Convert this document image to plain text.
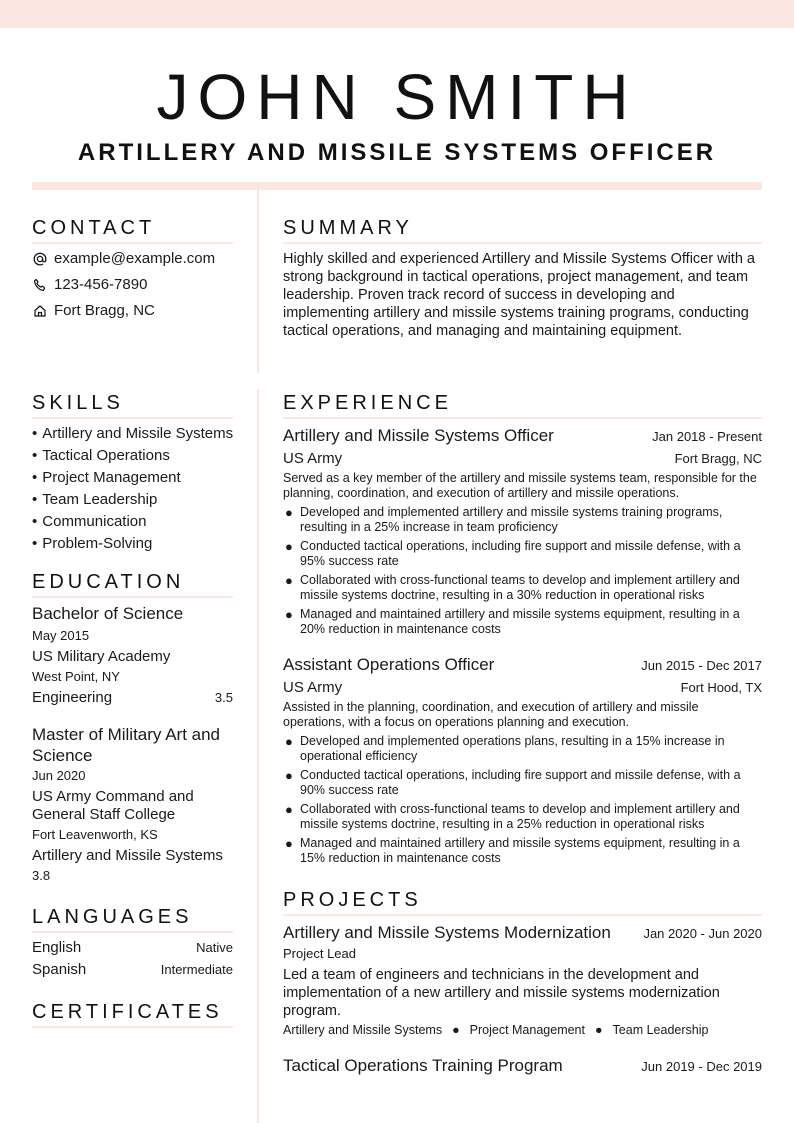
JOHN SMITH
ARTILLERY AND MISSILE SYSTEMS OFFICER
CONTACT
example@example.com
123-456-7890
Fort Bragg, NC
SKILLS
• Artillery and Missile Systems
• Tactical Operations
• Project Management
• Team Leadership
• Communication
• Problem-Solving
EDUCATION
Bachelor of Science
May 2015
US Military Academy
West Point, NY
Engineering	3.5
Master of Military Art and Science
Jun 2020
US Army Command and General Staff College
Fort Leavenworth, KS
Artillery and Missile Systems
3.8
LANGUAGES
English	Native
Spanish	Intermediate
CERTIFICATES
SUMMARY
Highly skilled and experienced Artillery and Missile Systems Officer with a strong background in tactical operations, project management, and team leadership. Proven track record of success in developing and implementing artillery and missile systems training programs, conducting tactical operations, and managing and maintaining equipment.
EXPERIENCE
Artillery and Missile Systems Officer	Jan 2018 - Present
US Army	Fort Bragg, NC
Served as a key member of the artillery and missile systems team, responsible for the planning, coordination, and execution of artillery and missile operations.
● Developed and implemented artillery and missile systems training programs, resulting in a 25% increase in team proficiency
● Conducted tactical operations, including fire support and missile defense, with a 95% success rate
● Collaborated with cross-functional teams to develop and implement artillery and missile systems doctrine, resulting in a 30% reduction in operational risks
● Managed and maintained artillery and missile systems equipment, resulting in a 20% reduction in maintenance costs
Assistant Operations Officer	Jun 2015 - Dec 2017
US Army	Fort Hood, TX
Assisted in the planning, coordination, and execution of artillery and missile operations, with a focus on operations planning and execution.
● Developed and implemented operations plans, resulting in a 15% increase in operational efficiency
● Conducted tactical operations, including fire support and missile defense, with a 90% success rate
● Collaborated with cross-functional teams to develop and implement artillery and missile systems doctrine, resulting in a 25% reduction in operational risks
● Managed and maintained artillery and missile systems equipment, resulting in a 15% reduction in maintenance costs
PROJECTS
Artillery and Missile Systems Modernization	Jan 2020 - Jun 2020
Project Lead
Led a team of engineers and technicians in the development and implementation of a new artillery and missile systems modernization program.
Artillery and Missile Systems ● Project Management ● Team Leadership
Tactical Operations Training Program	Jun 2019 - Dec 2019
